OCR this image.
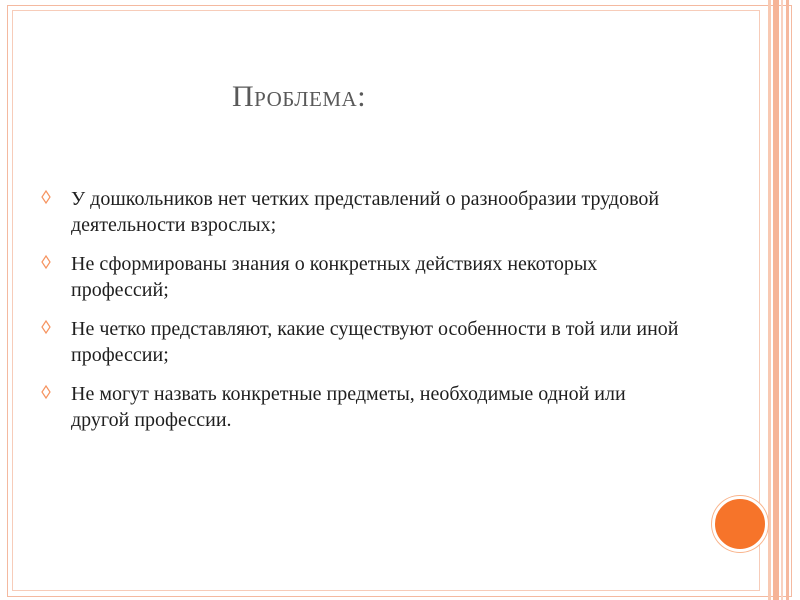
Проблема:
У дошкольников нет четких представлений о разнообразии трудовой деятельности взрослых;
Не сформированы знания о конкретных действиях некоторых профессий;
Не четко представляют, какие существуют особенности в той или иной профессии;
Не могут назвать конкретные предметы, необходимые одной или другой профессии.
